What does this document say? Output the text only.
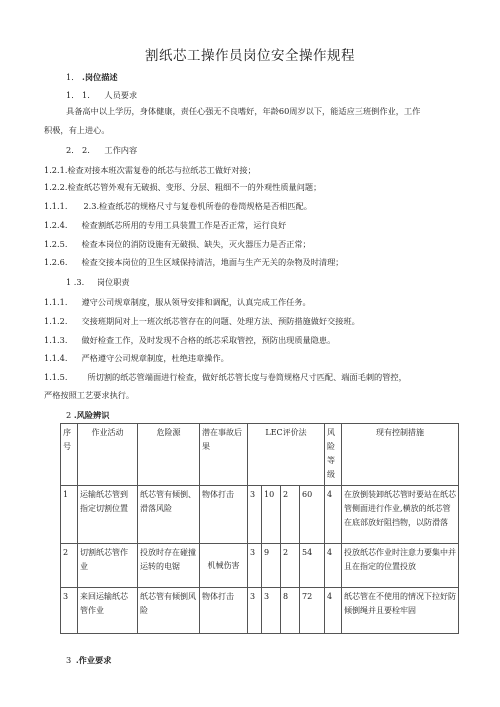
割纸芯工操作员岗位安全操作规程
1． .岗位描述
1． 1. 人员要求
具备高中以上学历，身体健康，责任心强无不良嗜好，年龄60周岁以下，能适应三班倒作业，工作
积极，有上进心。
2． 2. 工作内容
1.2.1.检查对接本班次需复卷的纸芯与拉纸芯工做好对接；
1.2.2.检查纸芯管外观有无破损、变形、分层、粗细不一的外观性质量问题；
1.1.1. 2.3.检查纸芯的规格尺寸与复卷机所卷的卷筒规格是否相匹配。
1.2.4. 检查割纸芯所用的专用工具装置工作是否正常，运行良好
1.2.5. 检查本岗位的消防设施有无破损、缺失，灭火器压力是否正常；
1.2.6. 检查交接本岗位的卫生区域保持清洁，地面与生产无关的杂物及时清理；
1 .3. 岗位职责
1.1.1. 遵守公司规章制度，服从领导安排和调配，认真完成工作任务。
1.1.2. 交接班期间对上一班次纸芯管存在的问题、处理方法、预防措施做好交接班。
1.1.3. 做好检查工作，及时发现不合格的纸芯采取管控，预防出现质量隐患。
1.1.4. 严格遵守公司规章制度，杜绝违章操作。
1.1.5. 所切割的纸芯管端面进行检查，做好纸芯管长度与卷筒规格尺寸匹配、端面毛刺的管控，
严格按照工艺要求执行。
2 .风险辨识
序号	作业活动	危险源	潜在事故后果	LEC评价法				风险等级	现有控制措施
1	运输纸芯管到指定切割位置	纸芯管有倾倒、滑落风险	物体打击	3	10	2	60	4	在放倒装卸纸芯管时要站在纸芯管侧面进行作业,横放的纸芯管在底部放好阻挡物，以防滑落
2	切割纸芯管作业	投放时存在碰撞运转的电锯	机械伤害	3	9	2	54	4	投放纸芯作业时注意力要集中并且在指定的位置投放
3	来回运输纸芯管作业	纸芯管有倾倒风险	物体打击	3	3	8	72	4	纸芯管在不使用的情况下拉好防倾倒绳并且要栓牢固
3 .作业要求
